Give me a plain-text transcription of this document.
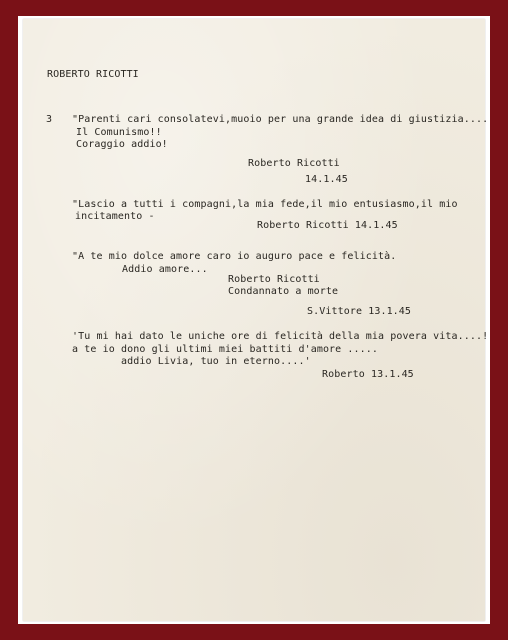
ROBERTO RICOTTI
3 "Parenti cari consolatevi,muoio per una grande idea di giustizia....
Il Comunismo!!
Coraggio addio!
Roberto Ricotti
14.1.45
"Lascio a tutti i compagni,la mia fede,il mio entusiasmo,il mio
incitamento -
Roberto Ricotti 14.1.45
"A te mio dolce amore caro io auguro pace e felicità.
Addio amore...
Roberto Ricotti
Condannato a morte
S.Vittore 13.1.45
'Tu mi hai dato le uniche ore di felicità della mia povera vita....!
a te io dono gli ultimi miei battiti d'amore .....
addio Livia, tuo in eterno....'
Roberto 13.1.45
